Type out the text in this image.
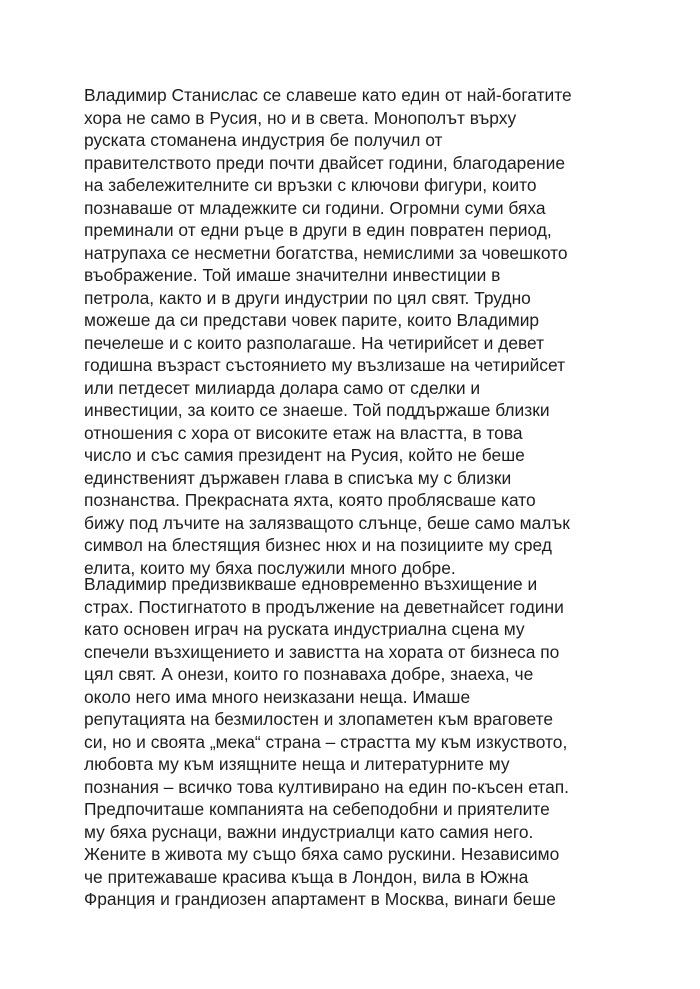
Владимир Станислас се славеше като един от най-богатите
хора не само в Русия, но и в света. Монополът върху
руската стоманена индустрия бе получил от
правителството преди почти двайсет години, благодарение
на забележителните си връзки с ключови фигури, които
познаваше от младежките си години. Огромни суми бяха
преминали от едни ръце в други в един повратен период,
натрупаха се несметни богатства, немислими за човешкото
въображение. Той имаше значителни инвестиции в
петрола, както и в други индустрии по цял свят. Трудно
можеше да си представи човек парите, които Владимир
печелеше и с които разполагаше. На четирийсет и девет
годишна възраст състоянието му възлизаше на четирийсет
или петдесет милиарда долара само от сделки и
инвестиции, за които се знаеше. Той поддържаше близки
отношения с хора от високите етаж на властта, в това
число и със самия президент на Русия, който не беше
единственият държавен глава в списъка му с близки
познанства. Прекрасната яхта, която проблясваше като
бижу под лъчите на залязващото слънце, беше само малък
символ на блестящия бизнес нюх и на позициите му сред
елита, които му бяха послужили много добре.
Владимир предизвикваше едновременно възхищение и
страх. Постигнатото в продължение на деветнайсет години
като основен играч на руската индустриална сцена му
спечели възхищението и завистта на хората от бизнеса по
цял свят. А онези, които го познаваха добре, знаеха, че
около него има много неизказани неща. Имаше
репутацията на безмилостен и злопаметен към враговете
си, но и своята „мека“ страна – страстта му към изкуството,
любовта му към изящните неща и литературните му
познания – всичко това култивирано на един по-късен етап.
Предпочиташе компанията на себеподобни и приятелите
му бяха руснаци, важни индустриалци като самия него.
Жените в живота му също бяха само рускини. Независимо
че притежаваше красива къща в Лондон, вила в Южна
Франция и грандиозен апартамент в Москва, винаги беше
